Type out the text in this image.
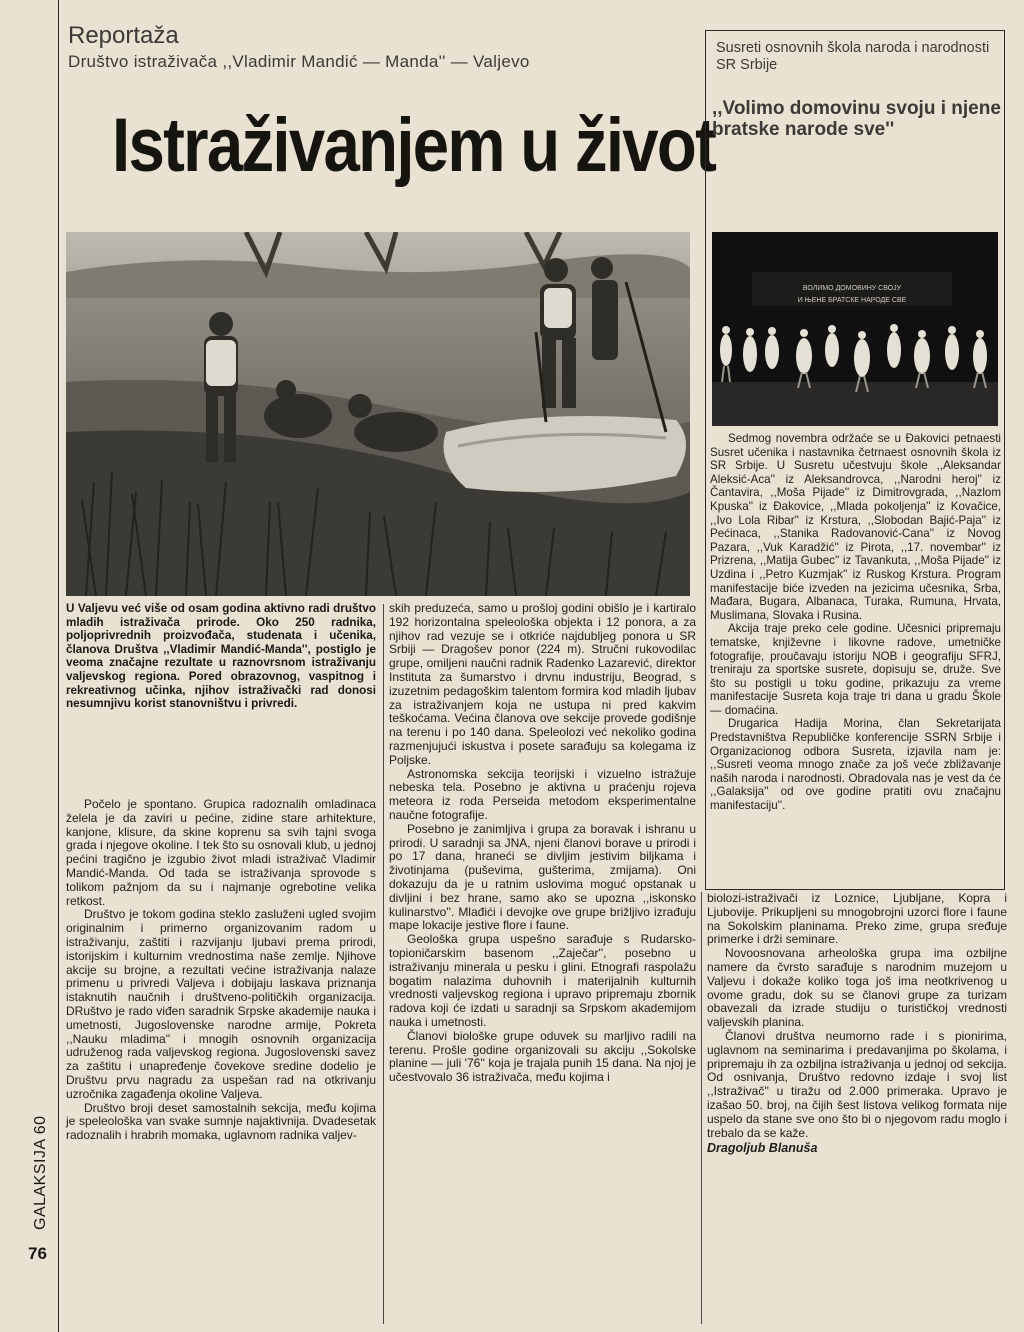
GALAKSIJA 60
76
Reportaža
Društvo istraživača ,,Vladimir Mandić — Manda'' — Valjevo
Istraživanjem u život
Susreti osnovnih škola naroda i narodnosti SR Srbije
,,Volimo domovinu svoju i njene bratske narode sve''
ВОЛИМО ДОМОВИНУ СВОЈУ
И ЊЕНЕ БРАТСКЕ НАРОДЕ СВЕ

Sedmog novembra održaće se u Đakovici petnaesti Susret učenika i nastavnika četrnaest osnovnih škola iz SR Srbije. U Susretu učestvuju škole ,,Aleksandar Aleksić-Aca'' iz Aleksandrovca, ,,Narodni heroj'' iz Čantavira, ,,Moša Pijade'' iz Dimitrovgrada, ,,Nazlom Kpuska'' iz Đakovice, ,,Mlada pokoljenja'' iz Kovačice, ,,Ivo Lola Ribar'' iz Krstura, ,,Slobodan Bajić-Paja'' iz Pećinaca, ,,Stanika Radovanović-Cana'' iz Novog Pazara, ,,Vuk Karadžić'' iz Pirota, ,,17. novembar'' iz Prizrena, ,,Matija Gubec'' iz Tavankuta, ,,Moša Pijade'' iz Uzdina i ,,Petro Kuzmjak'' iz Ruskog Krstura. Program manifestacije biće izveden na jezicima učesnika, Srba, Mađara, Bugara, Albanaca, Turaka, Rumuna, Hrvata, Muslimana, Slovaka i Rusina.

Akcija traje preko cele godine. Učesnici pripremaju tematske, književne i likovne radove, umetničke fotografije, proučavaju istoriju NOB i geografiju SFRJ, treniraju za sportske susrete, dopisuju se, druže. Sve što su postigli u toku godine, prikazuju za vreme manifestacije Susreta koja traje tri dana u gradu Škole — domaćina.

Drugarica Hadija Morina, član Sekretarijata Predstavništva Republičke konferencije SSRN Srbije i Organizacionog odbora Susreta, izjavila nam je: ,,Susreti veoma mnogo znače za još veće zbližavanje naših naroda i narodnosti. Obradovala nas je vest da će ,,Galaksija'' od ove godine pratiti ovu značajnu manifestaciju''.

U Valjevu već više od osam godina aktivno radi društvo mladih istraživača prirode. Oko 250 radnika, poljoprivrednih proizvođača, studenata i učenika, članova Društva ,,Vladimir Mandić-Manda'', postiglo je veoma značajne rezultate u raznovrsnom istraživanju valjevskog regiona. Pored obrazovnog, vaspitnog i rekreativnog učinka, njihov istraživački rad donosi nesumnjivu korist stanovništvu i privredi.

Počelo je spontano. Grupica radoznalih omladinaca želela je da zaviri u pećine, zidine stare arhitekture, kanjone, klisure, da skine koprenu sa svih tajni svoga grada i njegove okoline. I tek što su osnovali klub, u jednoj pećini tragično je izgubio život mladi istraživač Vladimir Mandić-Manda. Od tada se istraživanja sprovode s tolikom pažnjom da su i najmanje ogrebotine velika retkost.

Društvo je tokom godina steklo zasluženi ugled svojim originalnim i primerno organizovanim radom u istraživanju, zaštiti i razvijanju ljubavi prema prirodi, istorijskim i kulturnim vrednostima naše zemlje. Njihove akcije su brojne, a rezultati većine istraživanja nalaze primenu u privredi Valjeva i dobijaju laskava priznanja istaknutih naučnih i društveno-političkih organizacija. DRuštvo je rado viđen saradnik Srpske akademije nauka i umetnosti, Jugoslovenske narodne armije, Pokreta ,,Nauku mladima'' i mnogih osnovnih organizacija udruženog rada valjevskog regiona. Jugoslovenski savez za zaštitu i unapređenje čovekove sredine dodelio je Društvu prvu nagradu za uspešan rad na otkrivanju uzročnika zagađenja okoline Valjeva.

Društvo broji deset samostalnih sekcija, među kojima je speleološka van svake sumnje najaktivnija. Dvadesetak radoznalih i hrabrih momaka, uglavnom radnika valjev-

skih preduzeća, samo u prošloj godini obišlo je i kartiralo 192 horizontalna speleološka objekta i 12 ponora, a za njihov rad vezuje se i otkriće najdubljeg ponora u SR Srbiji — Dragošev ponor (224 m). Stručni rukovodilac grupe, omiljeni naučni radnik Radenko Lazarević, direktor Instituta za šumarstvo i drvnu industriju, Beograd, s izuzetnim pedagoškim talentom formira kod mladih ljubav za istraživanjem koja ne ustupa ni pred kakvim teškoćama. Većina članova ove sekcije provede godišnje na terenu i po 140 dana. Speleolozi već nekoliko godina razmenjujući iskustva i posete sarađuju sa kolegama iz Poljske.

Astronomska sekcija teorijski i vizuelno istražuje nebeska tela. Posebno je aktivna u praćenju rojeva meteora iz roda Perseida metodom eksperimentalne naučne fotografije.

Posebno je zanimljiva i grupa za boravak i ishranu u prirodi. U saradnji sa JNA, njeni članovi borave u prirodi i po 17 dana, hraneći se divljim jestivim biljkama i životinjama (puševima, gušterima, zmijama). Oni dokazuju da je u ratnim uslovima moguć opstanak u divljini i bez hrane, samo ako se upozna ,,iskonsko kulinarstvo''. Mlađići i devojke ove grupe brižljivo izrađuju mape lokacije jestive flore i faune.

Geološka grupa uspešno sarađuje s Rudarsko-topioničarskim basenom ,,Zaječar'', posebno u istraživanju minerala u pesku i glini. Etnografi raspolažu bogatim nalazima duhovnih i materijalnih kulturnih vrednosti valjevskog regiona i upravo pripremaju zbornik radova koji će izdati u saradnji sa Srpskom akademijom nauka i umetnosti.

Članovi biološke grupe oduvek su marljivo radili na terenu. Prošle godine organizovali su akciju ,,Sokolske planine — juli '76'' koja je trajala punih 15 dana. Na njoj je učestvovalo 36 istraživača, među kojima i

biolozi-istraživači iz Loznice, Ljubljane, Kopra i Ljubovije. Prikupljeni su mnogobrojni uzorci flore i faune na Sokolskim planinama. Preko zime, grupa sređuje primerke i drži seminare.

Novoosnovana arheološka grupa ima ozbiljne namere da čvrsto sarađuje s narodnim muzejom u Valjevu i dokaže koliko toga još ima neotkrivenog u ovome gradu, dok su se članovi grupe za turizam obavezali da izrade studiju o turističkoj vrednosti valjevskih planina.

Članovi društva neumorno rade i s pionirima, uglavnom na seminarima i predavanjima po školama, i pripremaju ih za ozbiljna istraživanja u jednoj od sekcija. Od osnivanja, Društvo redovno izdaje i svoj list ,,Istraživač'' u tiražu od 2.000 primeraka. Upravo je izašao 50. broj, na čijih šest listova velikog formata nije uspelo da stane sve ono što bi o njegovom radu moglo i trebalo da se kaže.

Dragoljub Blanuša
